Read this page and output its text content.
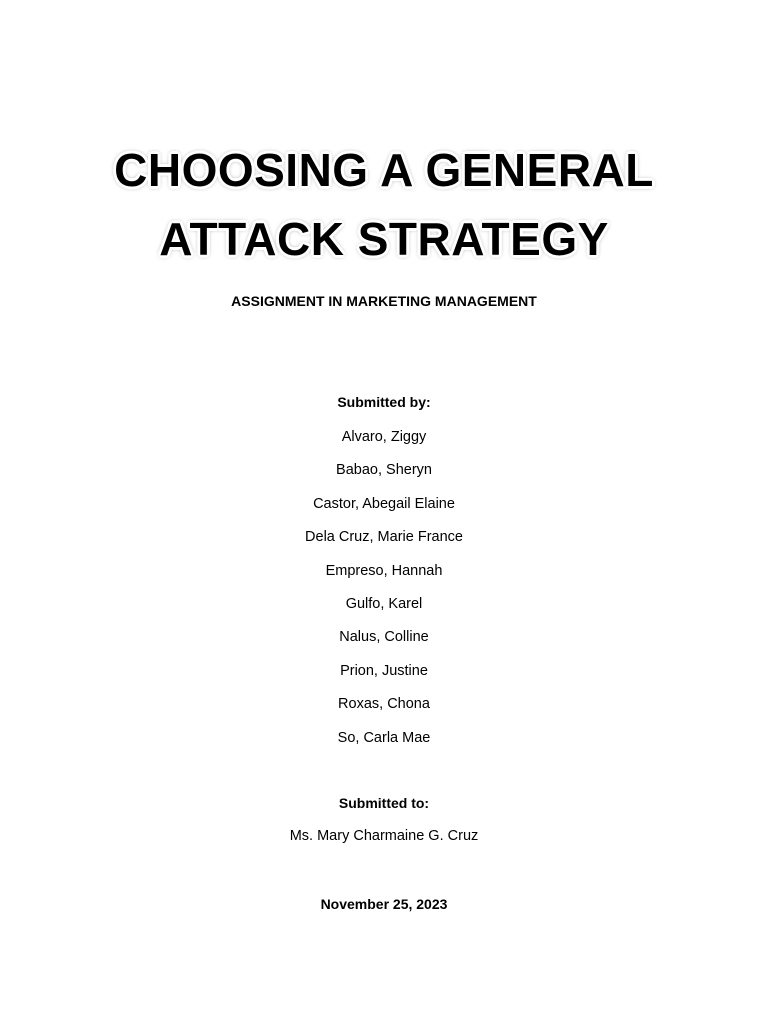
CHOOSING A GENERAL
ATTACK STRATEGY
ASSIGNMENT IN MARKETING MANAGEMENT
Submitted by:
Alvaro, Ziggy
Babao, Sheryn
Castor, Abegail Elaine
Dela Cruz, Marie France
Empreso, Hannah
Gulfo, Karel
Nalus, Colline
Prion, Justine
Roxas, Chona
So, Carla Mae
Submitted to:
Ms. Mary Charmaine G. Cruz
November 25, 2023
